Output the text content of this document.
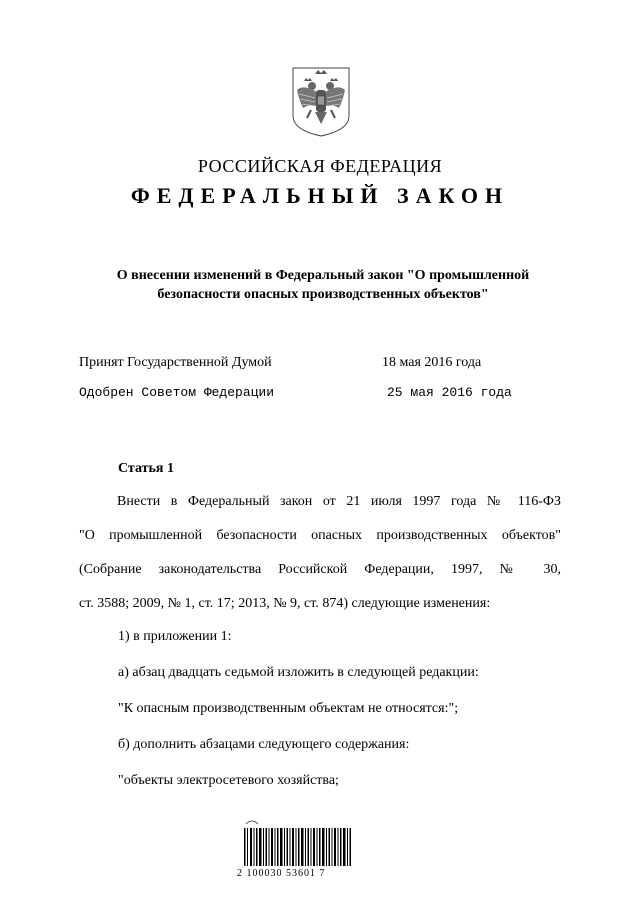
РОССИЙСКАЯ ФЕДЕРАЦИЯ
ФЕДЕРАЛЬНЫЙ ЗАКОН
О внесении изменений в Федеральный закон "О промышленной
безопасности опасных производственных объектов"
Принят Государственной Думой	18 мая 2016 года
Одобрен Советом Федерации	25 мая 2016 года
Статья 1
Внести в Федеральный закон от 21 июля 1997 года № 116-ФЗ
"О промышленной безопасности опасных производственных объектов"
(Собрание законодательства Российской Федерации, 1997, № 30,
ст. 3588; 2009, № 1, ст. 17; 2013, № 9, ст. 874) следующие изменения:
1) в приложении 1:
а) абзац двадцать седьмой изложить в следующей редакции:
"К опасным производственным объектам не относятся:";
б) дополнить абзацами следующего содержания:
"объекты электросетевого хозяйства;
2 100030 53601 7
